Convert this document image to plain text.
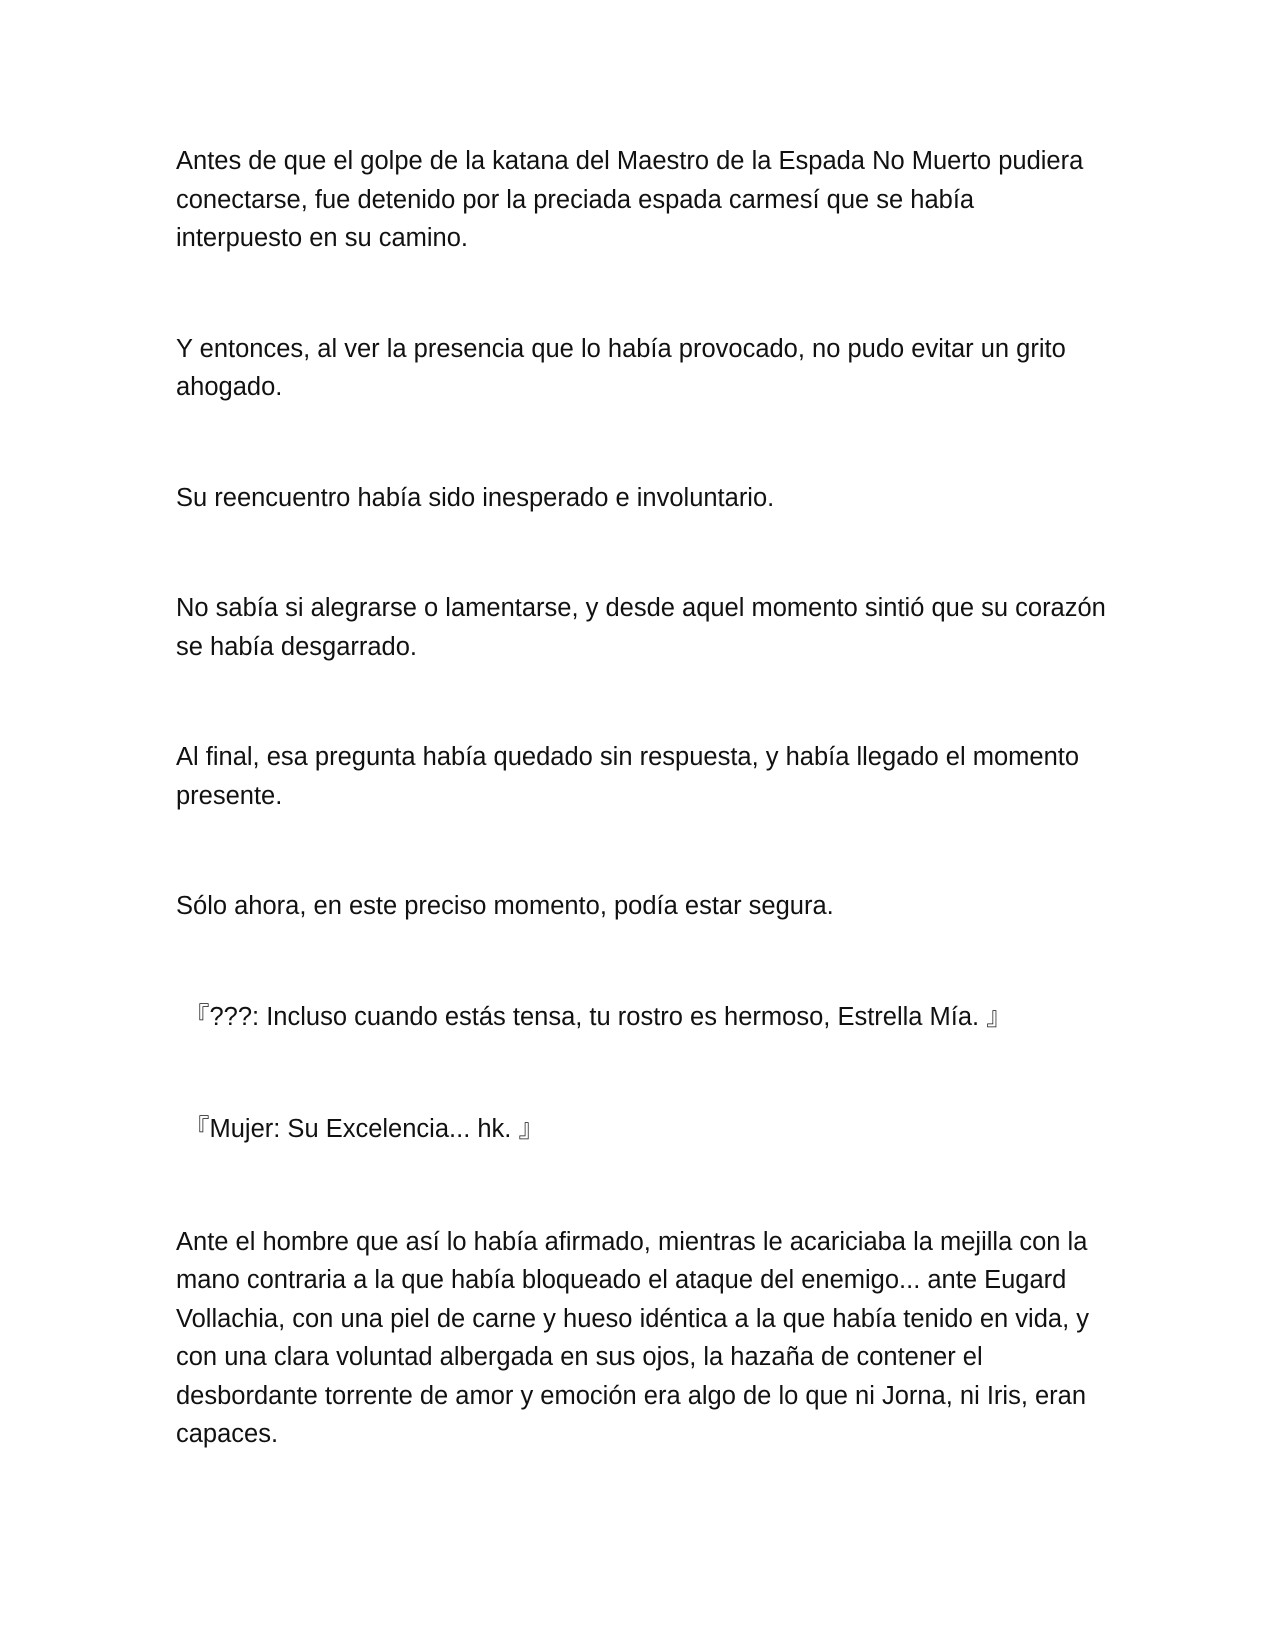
Antes de que el golpe de la katana del Maestro de la Espada No Muerto pudiera conectarse, fue detenido por la preciada espada carmesí que se había interpuesto en su camino.

Y entonces, al ver la presencia que lo había provocado, no pudo evitar un grito ahogado.

Su reencuentro había sido inesperado e involuntario.

No sabía si alegrarse o lamentarse, y desde aquel momento sintió que su corazón se había desgarrado.

Al final, esa pregunta había quedado sin respuesta, y había llegado el momento presente.

Sólo ahora, en este preciso momento, podía estar segura.

『???: Incluso cuando estás tensa, tu rostro es hermoso, Estrella Mía. 』

『Mujer: Su Excelencia... hk. 』

Ante el hombre que así lo había afirmado, mientras le acariciaba la mejilla con la mano contraria a la que había bloqueado el ataque del enemigo... ante Eugard Vollachia, con una piel de carne y hueso idéntica a la que había tenido en vida, y con una clara voluntad albergada en sus ojos, la hazaña de contener el desbordante torrente de amor y emoción era algo de lo que ni Jorna, ni Iris, eran capaces.
